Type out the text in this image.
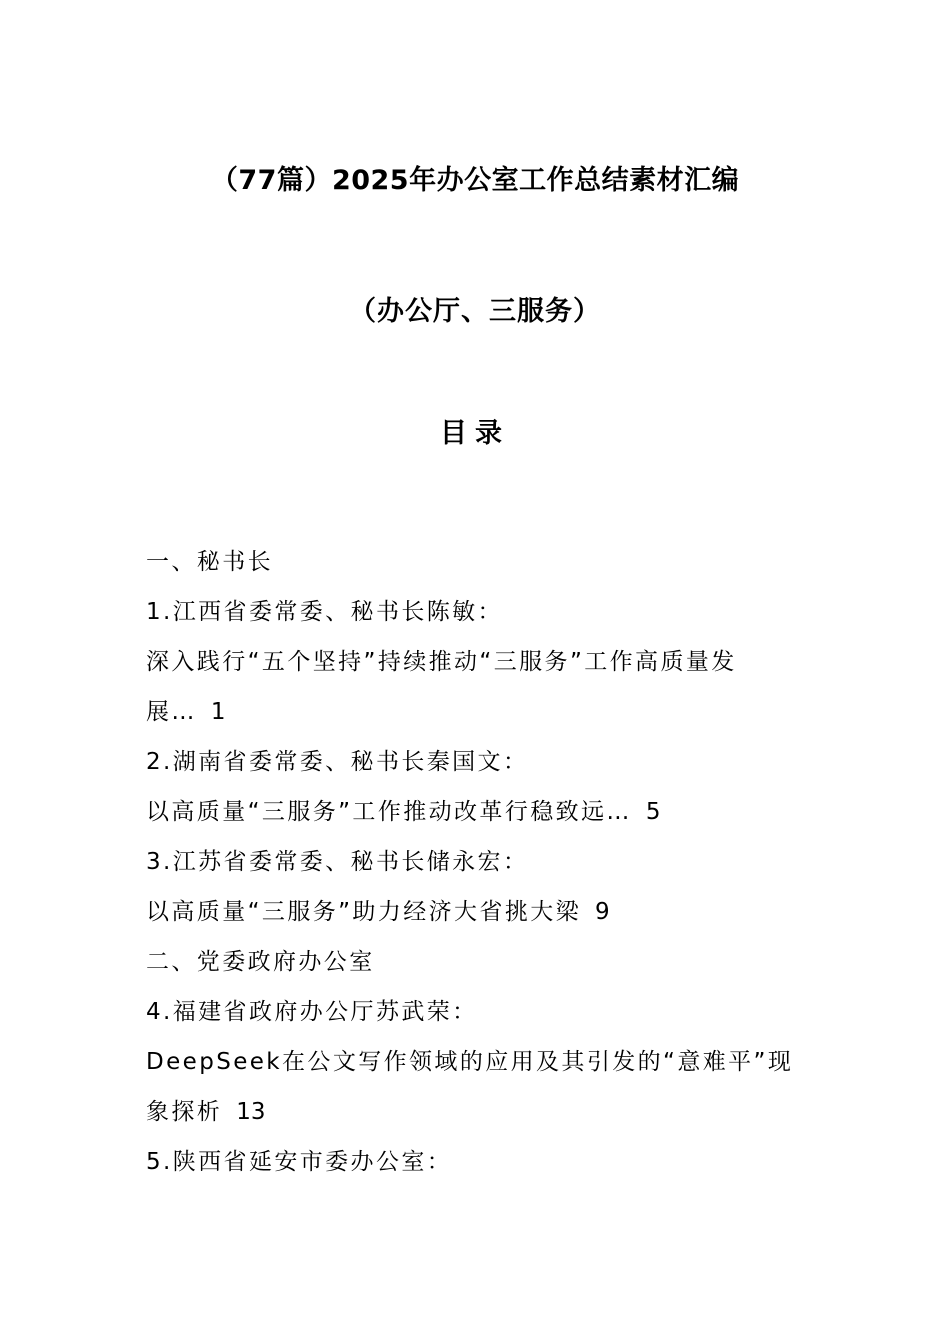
（77篇）2025年办公室工作总结素材汇编
（办公厅、三服务）
目录
一、秘书长
1.江西省委常委、秘书长陈敏：
深入践行“五个坚持”持续推动“三服务”工作高质量发
展… 1
2.湖南省委常委、秘书长秦国文：
以高质量“三服务”工作推动改革行稳致远… 5
3.江苏省委常委、秘书长储永宏：
以高质量“三服务”助力经济大省挑大梁 9
二、党委政府办公室
4.福建省政府办公厅苏武荣：
DeepSeek在公文写作领域的应用及其引发的“意难平”现
象探析 13
5.陕西省延安市委办公室：
